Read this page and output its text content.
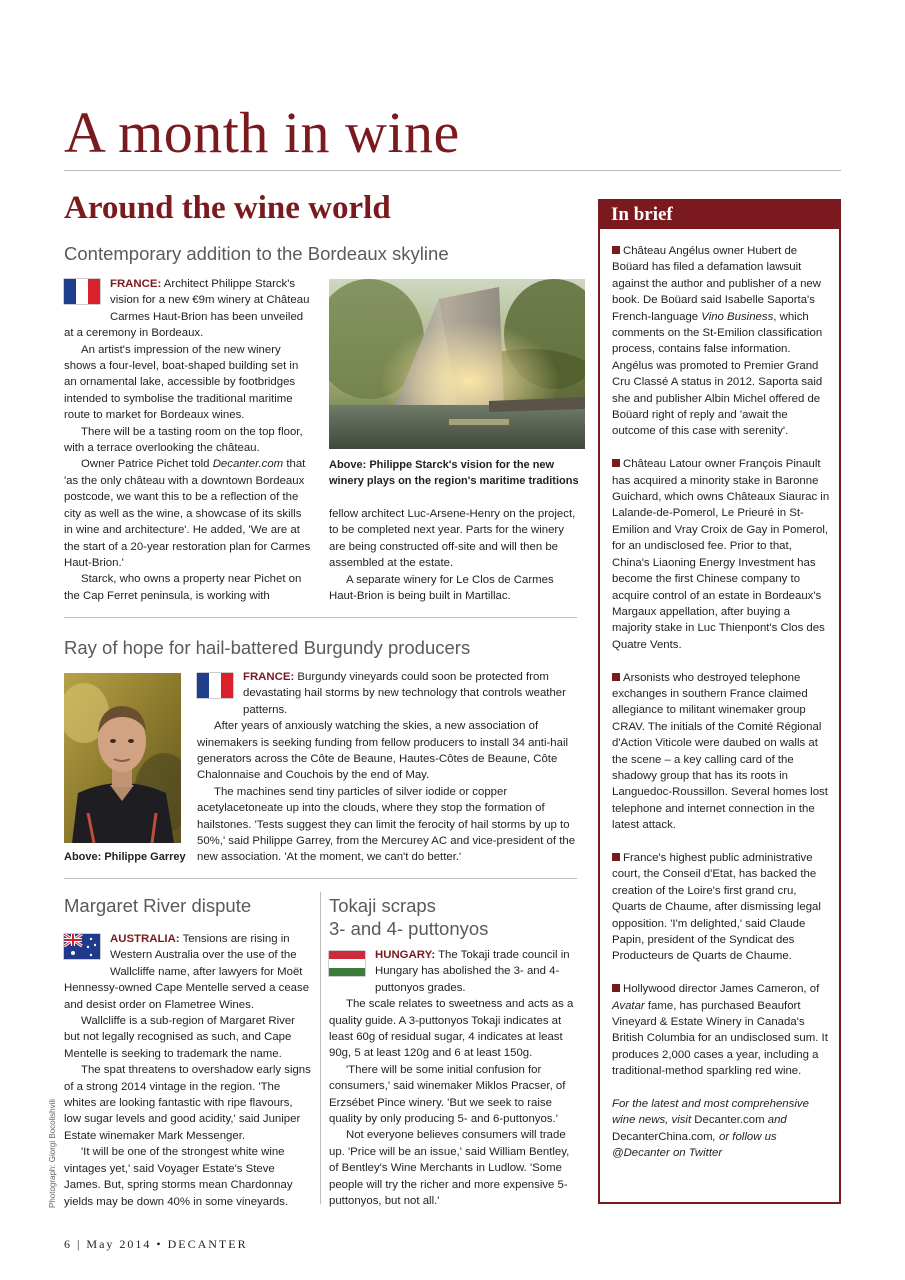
A month in wine
Around the wine world
Contemporary addition to the Bordeaux skyline

FRANCE: Architect Philippe Starck's vision for a new €9m winery at Château Carmes Haut-Brion has been unveiled at a ceremony in Bordeaux.

An artist's impression of the new winery shows a four-level, boat-shaped building set in an ornamental lake, accessible by footbridges intended to symbolise the traditional maritime route to market for Bordeaux wines.

There will be a tasting room on the top floor, with a terrace overlooking the château.

Owner Patrice Pichet told Decanter.com that 'as the only château with a downtown Bordeaux postcode, we want this to be a reflection of the city as well as the wine, a showcase of its skills in wine and architecture'. He added, 'We are at the start of a 20-year restoration plan for Carmes Haut-Brion.'

Starck, who owns a property near Pichet on the Cap Ferret peninsula, is working with

Above: Philippe Starck's vision for the new winery plays on the region's maritime traditions

fellow architect Luc-Arsene-Henry on the project, to be completed next year. Parts for the winery are being constructed off-site and will then be assembled at the estate.

A separate winery for Le Clos de Carmes Haut-Brion is being built in Martillac.

Ray of hope for hail-battered Burgundy producers
Above: Philippe Garrey

FRANCE: Burgundy vineyards could soon be protected from devastating hail storms by new technology that controls weather patterns.

After years of anxiously watching the skies, a new association of winemakers is seeking funding from fellow producers to install 34 anti-hail generators across the Côte de Beaune, Hautes-Côtes de Beaune, Côte Chalonnaise and Couchois by the end of May.

The machines send tiny particles of silver iodide or copper acetylacetoneate up into the clouds, where they stop the formation of hailstones. 'Tests suggest they can limit the ferocity of hail storms by up to 50%,' said Philippe Garrey, from the Mercurey AC and vice-president of the new association. 'At the moment, we can't do better.'

Margaret River dispute

AUSTRALIA: Tensions are rising in Western Australia over the use of the Wallcliffe name, after lawyers for Moët Hennessy-owned Cape Mentelle served a cease and desist order on Flametree Wines.

Wallcliffe is a sub-region of Margaret River but not legally recognised as such, and Cape Mentelle is seeking to trademark the name.

The spat threatens to overshadow early signs of a strong 2014 vintage in the region. 'The whites are looking fantastic with ripe flavours, low sugar levels and good acidity,' said Juniper Estate winemaker Mark Messenger.

'It will be one of the strongest white wine vintages yet,' said Voyager Estate's Steve James. But, spring storms mean Chardonnay yields may be down 40% in some vineyards.

Tokaji scraps
3- and 4- puttonyos

HUNGARY: The Tokaji trade council in Hungary has abolished the 3- and 4- puttonyos grades.

The scale relates to sweetness and acts as a quality guide. A 3-puttonyos Tokaji indicates at least 60g of residual sugar, 4 indicates at least 90g, 5 at least 120g and 6 at least 150g.

'There will be some initial confusion for consumers,' said winemaker Miklos Pracser, of Erzsébet Pince winery. 'But we seek to raise quality by only producing 5- and 6-puttonyos.'

Not everyone believes consumers will trade up. 'Price will be an issue,' said William Bentley, of Bentley's Wine Merchants in Ludlow. 'Some people will try the richer and more expensive 5-puttonyos, but not all.'

In brief
Château Angélus owner Hubert de Boüard has filed a defamation lawsuit against the author and publisher of a new book. De Boüard said Isabelle Saporta's French-language Vino Business, which comments on the St-Emilion classification process, contains false information. Angélus was promoted to Premier Grand Cru Classé A status in 2012. Saporta said she and publisher Albin Michel offered de Boüard right of reply and 'await the outcome of this case with serenity'.
Château Latour owner François Pinault has acquired a minority stake in Baronne Guichard, which owns Châteaux Siaurac in Lalande-de-Pomerol, Le Prieuré in St-Emilion and Vray Croix de Gay in Pomerol, for an undisclosed fee. Prior to that, China's Liaoning Energy Investment has become the first Chinese company to acquire control of an estate in Bordeaux's Margaux appellation, after buying a majority stake in Luc Thienpont's Clos des Quatre Vents.
Arsonists who destroyed telephone exchanges in southern France claimed allegiance to militant winemaker group CRAV. The initials of the Comité Régional d'Action Viticole were daubed on walls at the scene – a key calling card of the shadowy group that has its roots in Languedoc-Roussillon. Several homes lost telephone and internet connection in the latest attack.
France's highest public administrative court, the Conseil d'Etat, has backed the creation of the Loire's first grand cru, Quarts de Chaume, after dismissing legal opposition. 'I'm delighted,' said Claude Papin, president of the Syndicat des Producteurs de Quarts de Chaume.
Hollywood director James Cameron, of Avatar fame, has purchased Beaufort Vineyard & Estate Winery in Canada's British Columbia for an undisclosed sum. It produces 2,000 cases a year, including a traditional-method sparkling red wine.
For the latest and most comprehensive wine news, visit Decanter.com and DecanterChina.com, or follow us @Decanter on Twitter
Photograph: Giorgi Bocolishvili
6 | May 2014 • DECANTER
